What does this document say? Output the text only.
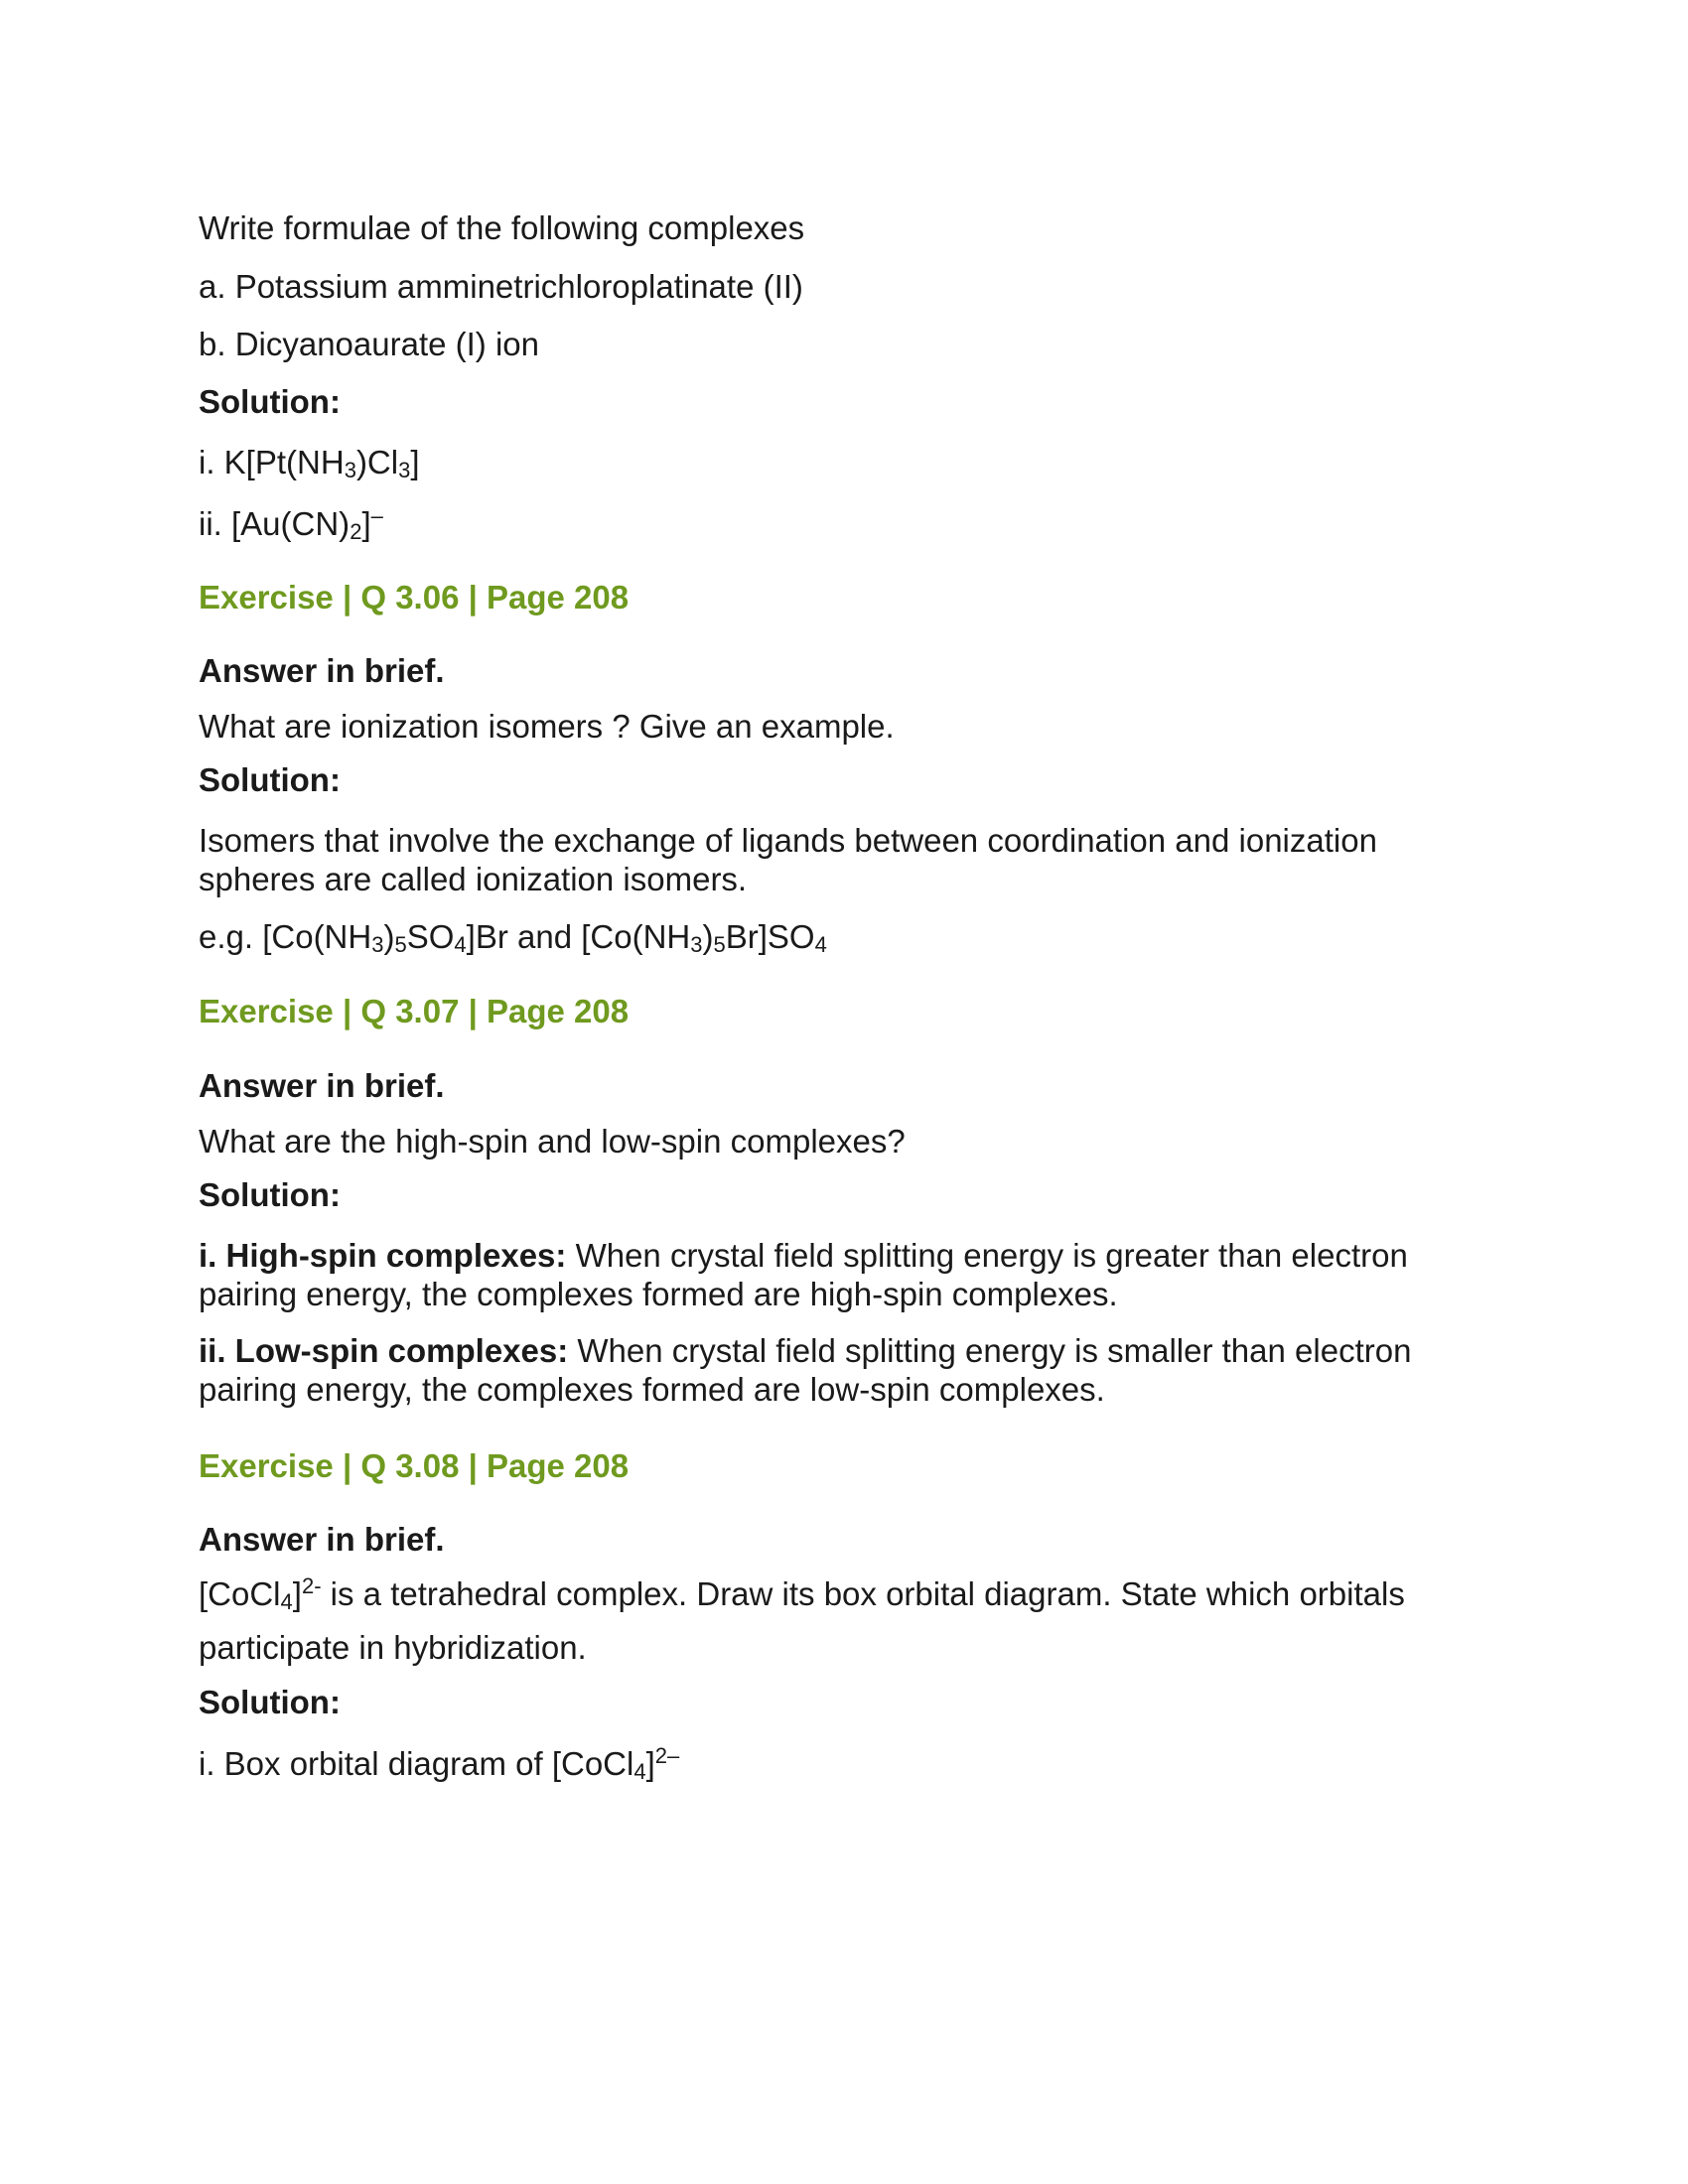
Write formulae of the following complexes

a. Potassium amminetrichloroplatinate (II)

b. Dicyanoaurate (I) ion

Solution:

i. K[Pt(NH3)Cl3]

ii. [Au(CN)2]–

Exercise | Q 3.06 | Page 208

Answer in brief.

What are ionization isomers ? Give an example.

Solution:

Isomers that involve the exchange of ligands between coordination and ionization
spheres are called ionization isomers.

e.g. [Co(NH3)5SO4]Br and [Co(NH3)5Br]SO4

Exercise | Q 3.07 | Page 208

Answer in brief.

What are the high-spin and low-spin complexes?

Solution:

i. High-spin complexes: When crystal field splitting energy is greater than electron
pairing energy, the complexes formed are high-spin complexes.

ii. Low-spin complexes: When crystal field splitting energy is smaller than electron
pairing energy, the complexes formed are low-spin complexes.

Exercise | Q 3.08 | Page 208

Answer in brief.

[CoCl4]$^{2-}$ is a tetrahedral complex. Draw its box orbital diagram. State which orbitals

participate in hybridization.

Solution:

i. Box orbital diagram of [CoCl4]$^{2-}$
